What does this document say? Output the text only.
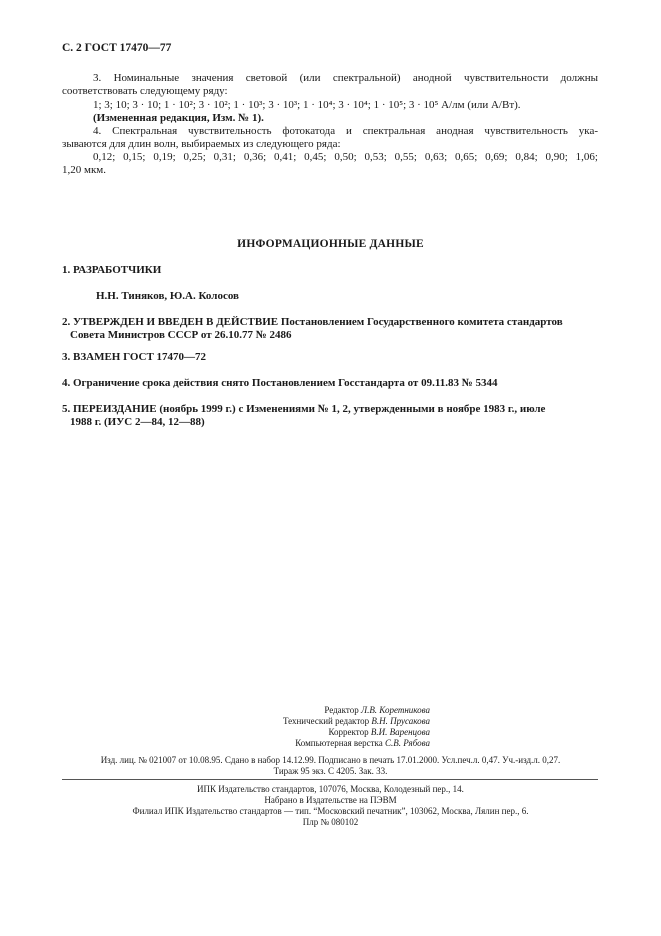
С. 2 ГОСТ 17470—77
3. Номинальные значения световой (или спектральной) анодной чувствительности должны
соответствовать следующему ряду:
1; 3; 10; 3 · 10; 1 · 10²; 3 · 10²; 1 · 10³; 3 · 10³; 1 · 10⁴; 3 · 10⁴; 1 · 10⁵; 3 · 10⁵ А/лм (или А/Вт).
(Измененная редакция, Изм. № 1).
4. Спектральная чувствительность фотокатода и спектральная анодная чувствительность ука-
зываются для длин волн, выбираемых из следующего ряда:
0,12; 0,15; 0,19; 0,25; 0,31; 0,36; 0,41; 0,45; 0,50; 0,53; 0,55; 0,63; 0,65; 0,69; 0,84; 0,90; 1,06;
1,20 мкм.
ИНФОРМАЦИОННЫЕ ДАННЫЕ
1. РАЗРАБОТЧИКИ
Н.Н. Тиняков, Ю.А. Колосов
2. УТВЕРЖДЕН И ВВЕДЕН В ДЕЙСТВИЕ Постановлением Государственного комитета стандартов
Совета Министров СССР от 26.10.77 № 2486
3. ВЗАМЕН ГОСТ 17470—72
4. Ограничение срока действия снято Постановлением Госстандарта от 09.11.83 № 5344
5. ПЕРЕИЗДАНИЕ (ноябрь 1999 г.) с Изменениями № 1, 2, утвержденными в ноябре 1983 г., июле
1988 г. (ИУС 2—84, 12—88)
Редактор Л.В. Коретникова
Технический редактор В.Н. Прусакова
Корректор В.И. Варенцова
Компьютерная верстка С.В. Рябова
Изд. лиц. № 021007 от 10.08.95. Сдано в набор 14.12.99. Подписано в печать 17.01.2000. Усл.печ.л. 0,47. Уч.-изд.л. 0,27.
Тираж 95 экз. С 4205. Зак. 33.
ИПК Издательство стандартов, 107076, Москва, Колодезный пер., 14.
Набрано в Издательстве на ПЭВМ
Филиал ИПК Издательство стандартов — тип. “Московский печатник”, 103062, Москва, Лялин пер., 6.
Плр № 080102
